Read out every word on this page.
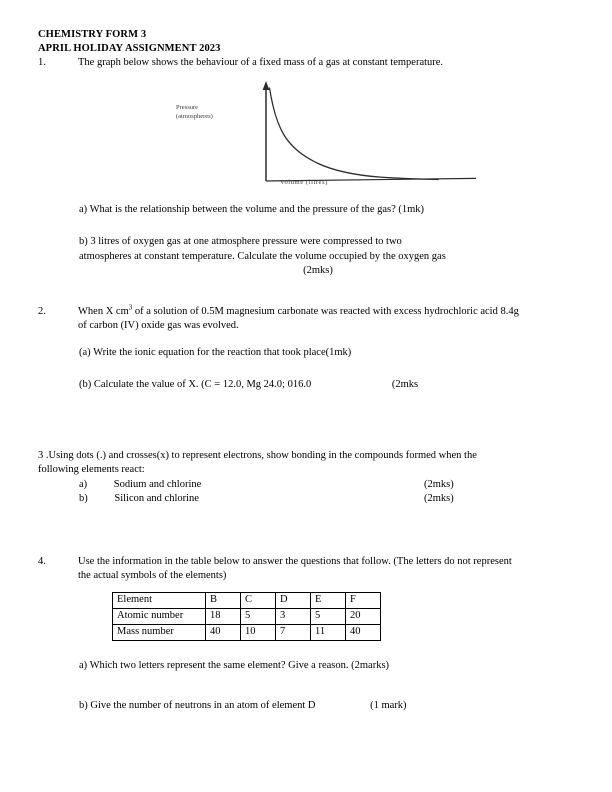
CHEMISTRY FORM 3
APRIL HOLIDAY ASSIGNMENT 2023
1.	The graph below shows the behaviour of a fixed mass of a gas at constant temperature.
Pressure
(atmospheres)
Volume (litres)
a) What is the relationship between the volume and the pressure of the gas? (1mk)
b) 3 litres of oxygen gas at one atmosphere pressure were compressed to two
atmospheres at constant temperature. Calculate the volume occupied by the oxygen gas
(2mks)
2.	When X $cm^3$ of a solution of 0.5M magnesium carbonate was reacted with excess hydrochloric acid 8.4g
of carbon (IV) oxide gas was evolved.
(a) Write the ionic equation for the reaction that took place(1mk)
(b) Calculate the value of X. (C = 12.0, Mg 24.0; 016.0	(2mks
3 .Using dots (.) and crosses(x) to represent electrons, show bonding in the compounds formed when the
following elements react:
a)	Sodium and chlorine	(2mks)
b)	Silicon and chlorine	(2mks)
4.	Use the information in the table below to answer the questions that follow. (The letters do not represent
the actual symbols of the elements)
Element	B	C	D	E	F
Atomic number	18	5	3	5	20
Mass number	40	10	7	11	40
a) Which two letters represent the same element? Give a reason. (2marks)
b) Give the number of neutrons in an atom of element D	(1 mark)
